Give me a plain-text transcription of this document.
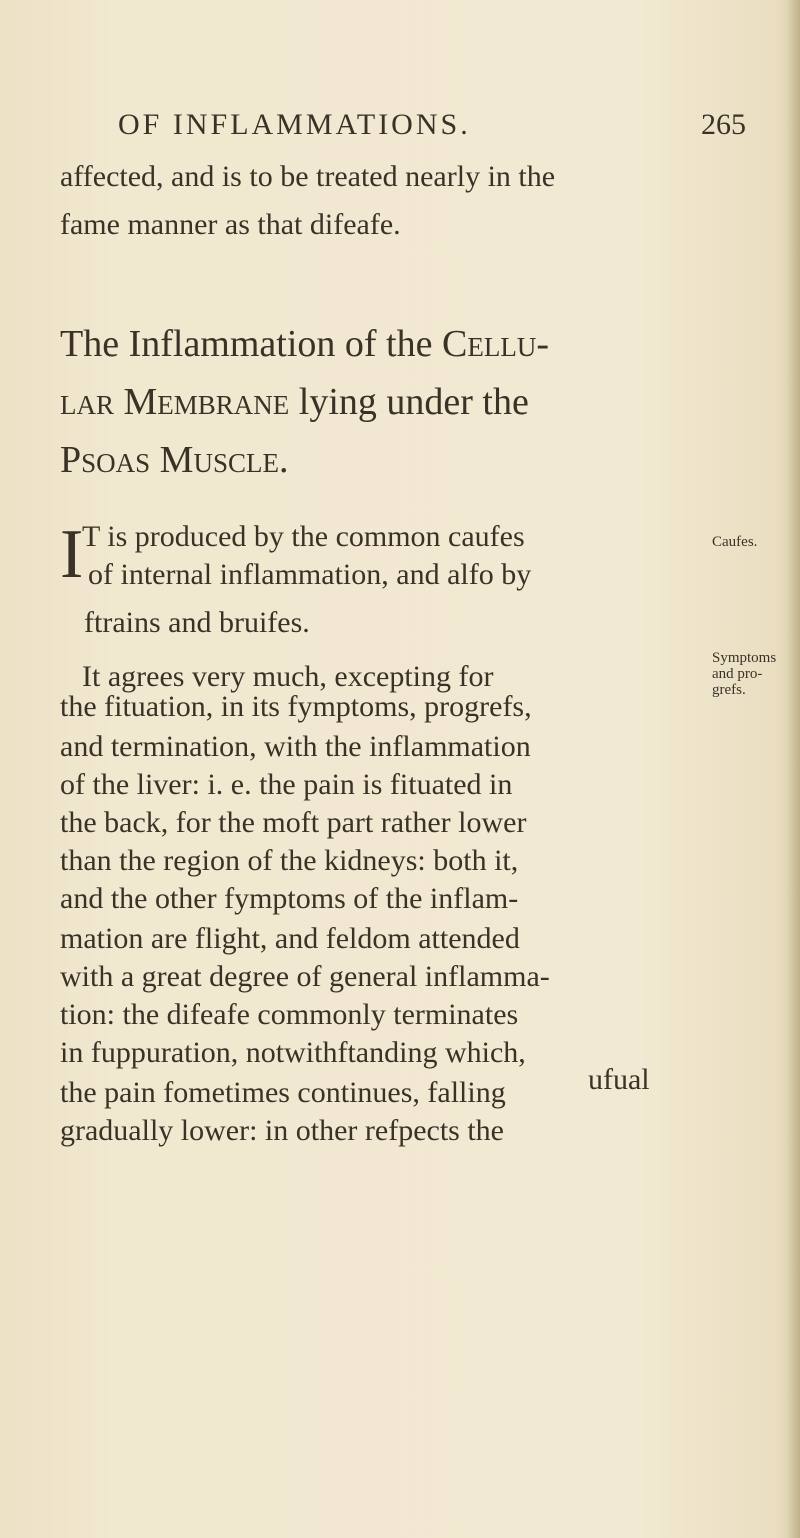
OF INFLAMMATIONS.	265
affected, and is to be treated nearly in the
fame manner as that difeafe.
The Inflammation of the Cellu-
lar Membrane lying under the
Psoas Muscle.
I
T is produced by the common caufes
of internal inflammation, and alfo by
ftrains and bruifes.
Caufes.
It agrees very much, excepting for
the fituation, in its fymptoms, progrefs,
and termination, with the inflammation
of the liver: i. e. the pain is fituated in
the back, for the moft part rather lower
than the region of the kidneys: both it,
and the other fymptoms of the inflam-
mation are flight, and feldom attended
with a great degree of general inflamma-
tion: the difeafe commonly terminates
in fuppuration, notwithftanding which,
the pain fometimes continues, falling
gradually lower: in other refpects the
Symptoms
and pro-
grefs.
ufual
